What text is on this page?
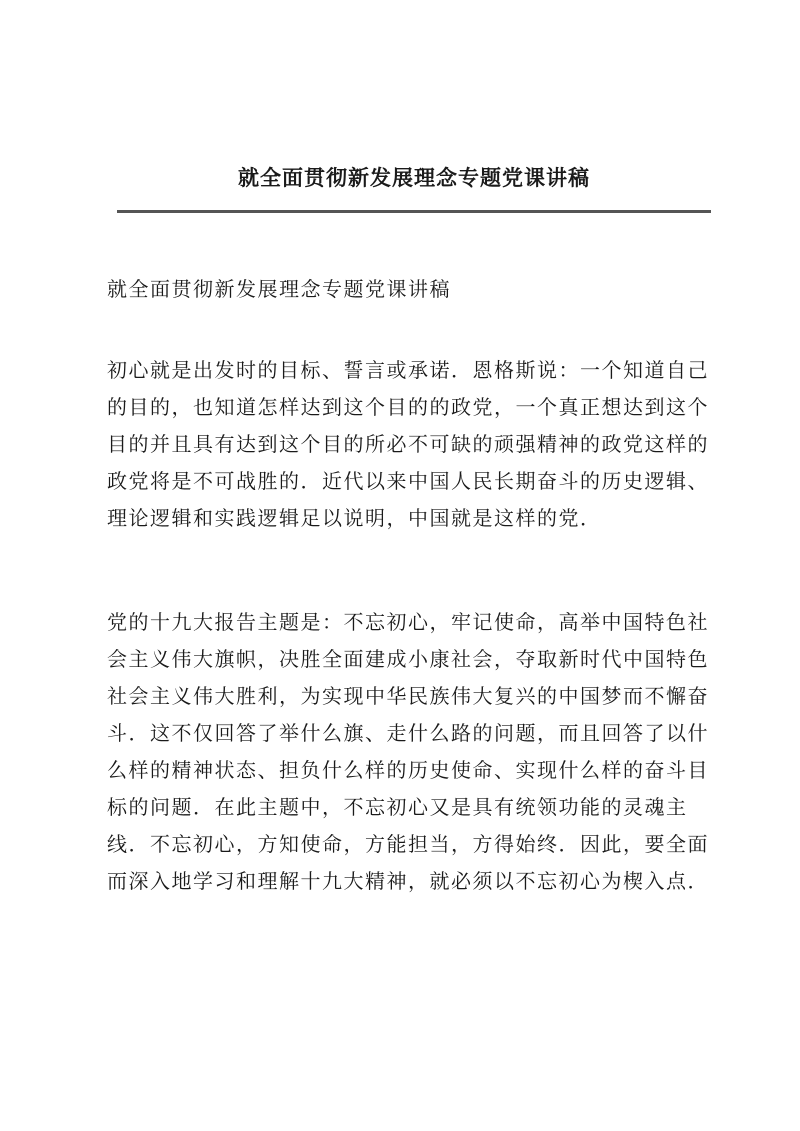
就全面贯彻新发展理念专题党课讲稿
就全面贯彻新发展理念专题党课讲稿
初心就是出发时的目标、誓言或承诺．恩格斯说：一个知道自己
的目的，也知道怎样达到这个目的的政党，一个真正想达到这个
目的并且具有达到这个目的所必不可缺的顽强精神的政党这样的
政党将是不可战胜的．近代以来中国人民长期奋斗的历史逻辑、
理论逻辑和实践逻辑足以说明，中国就是这样的党．
党的十九大报告主题是：不忘初心，牢记使命，高举中国特色社
会主义伟大旗帜，决胜全面建成小康社会，夺取新时代中国特色
社会主义伟大胜利，为实现中华民族伟大复兴的中国梦而不懈奋
斗．这不仅回答了举什么旗、走什么路的问题，而且回答了以什
么样的精神状态、担负什么样的历史使命、实现什么样的奋斗目
标的问题．在此主题中，不忘初心又是具有统领功能的灵魂主
线．不忘初心，方知使命，方能担当，方得始终．因此，要全面
而深入地学习和理解十九大精神，就必须以不忘初心为楔入点．
